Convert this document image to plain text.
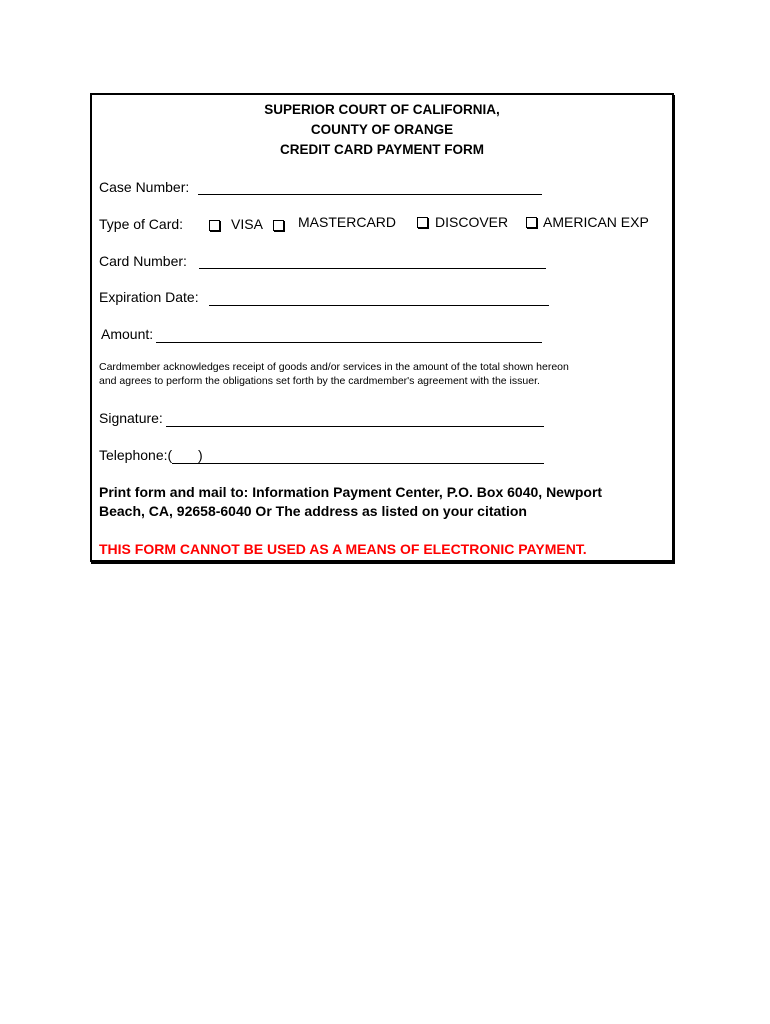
SUPERIOR COURT OF CALIFORNIA,
COUNTY OF ORANGE
CREDIT CARD PAYMENT FORM
Case Number:
Type of Card:	VISA	MASTERCARD	DISCOVER AMERICAN EXP
Card Number:
Expiration Date:
Amount:
Cardmember acknowledges receipt of goods and/or services in the amount of the total shown hereon
and agrees to perform the obligations set forth by the cardmember's agreement with the issuer.
Signature:
Telephone:( )
Print form and mail to: Information Payment Center, P.O. Box 6040, Newport
Beach, CA, 92658-6040 Or The address as listed on your citation
THIS FORM CANNOT BE USED AS A MEANS OF ELECTRONIC PAYMENT.
